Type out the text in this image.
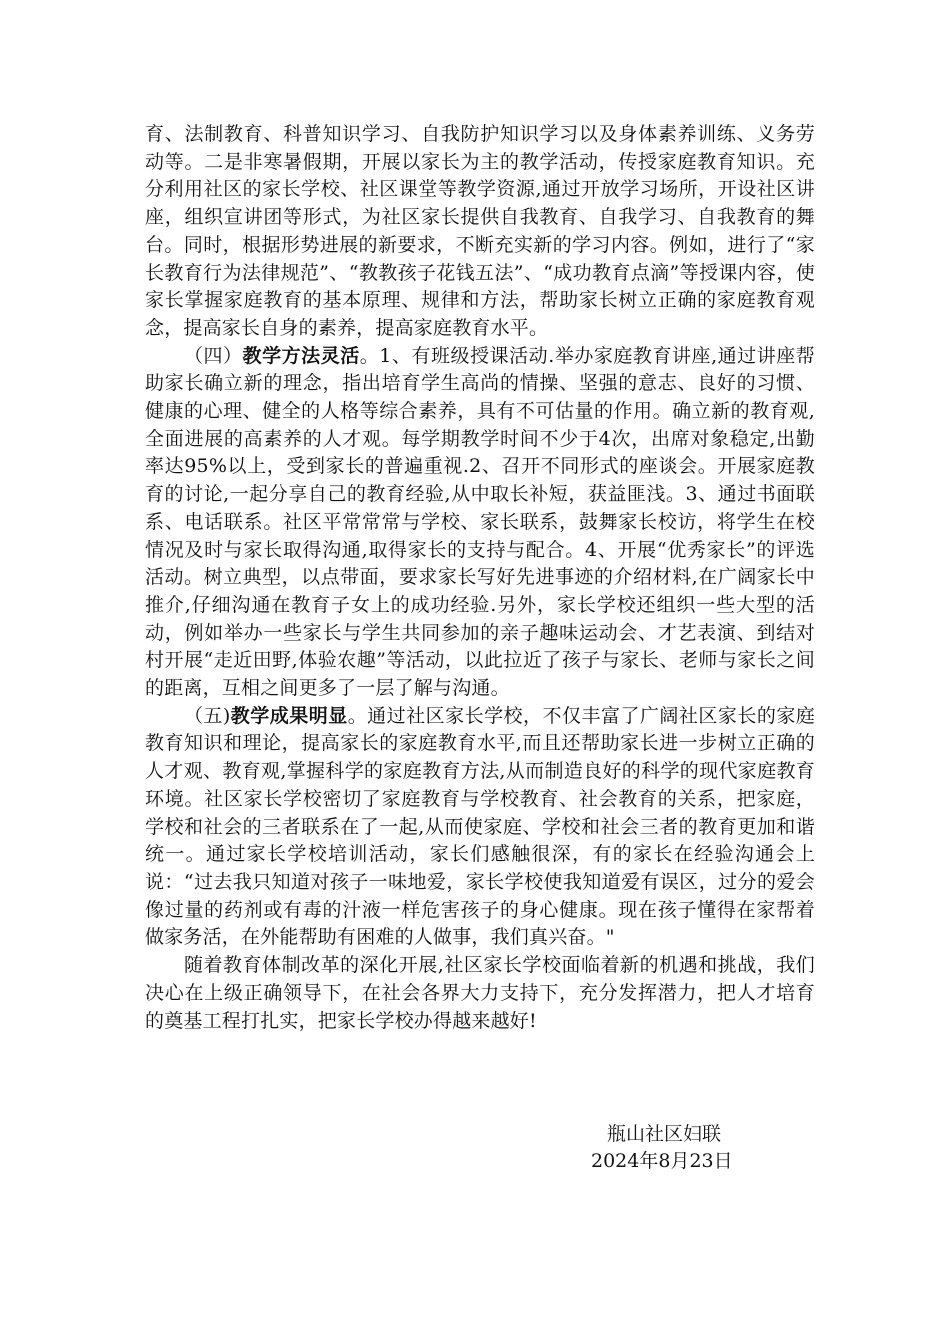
育、法制教育、科普知识学习、自我防护知识学习以及身体素养训练、义务劳动等。二是非寒暑假期，开展以家长为主的教学活动，传授家庭教育知识。充分利用社区的家长学校、社区课堂等教学资源,通过开放学习场所，开设社区讲座，组织宣讲团等形式，为社区家长提供自我教育、自我学习、自我教育的舞台。同时，根据形势进展的新要求，不断充实新的学习内容。例如，进行了“家长教育行为法律规范”、“教教孩子花钱五法”、“成功教育点滴”等授课内容，使家长掌握家庭教育的基本原理、规律和方法，帮助家长树立正确的家庭教育观念，提高家长自身的素养，提高家庭教育水平。

（四）教学方法灵活。1、有班级授课活动.举办家庭教育讲座,通过讲座帮助家长确立新的理念，指出培育学生高尚的情操、坚强的意志、良好的习惯、健康的心理、健全的人格等综合素养，具有不可估量的作用。确立新的教育观,全面进展的高素养的人才观。每学期教学时间不少于4次，出席对象稳定,出勤率达95%以上，受到家长的普遍重视.2、召开不同形式的座谈会。开展家庭教育的讨论,一起分享自己的教育经验,从中取长补短，获益匪浅。3、通过书面联系、电话联系。社区平常常常与学校、家长联系，鼓舞家长校访，将学生在校情况及时与家长取得沟通,取得家长的支持与配合。4、开展“优秀家长”的评选活动。树立典型，以点带面，要求家长写好先进事迹的介绍材料,在广阔家长中推介,仔细沟通在教育子女上的成功经验.另外，家长学校还组织一些大型的活动，例如举办一些家长与学生共同参加的亲子趣味运动会、才艺表演、到结对村开展“走近田野,体验农趣”等活动，以此拉近了孩子与家长、老师与家长之间的距离，互相之间更多了一层了解与沟通。

（五)教学成果明显。通过社区家长学校，不仅丰富了广阔社区家长的家庭教育知识和理论，提高家长的家庭教育水平,而且还帮助家长进一步树立正确的人才观、教育观,掌握科学的家庭教育方法,从而制造良好的科学的现代家庭教育环境。社区家长学校密切了家庭教育与学校教育、社会教育的关系，把家庭，学校和社会的三者联系在了一起,从而使家庭、学校和社会三者的教育更加和谐统一。通过家长学校培训活动，家长们感触很深，有的家长在经验沟通会上说：“过去我只知道对孩子一味地爱，家长学校使我知道爱有误区，过分的爱会像过量的药剂或有毒的汁液一样危害孩子的身心健康。现在孩子懂得在家帮着做家务活，在外能帮助有困难的人做事，我们真兴奋。"

随着教育体制改革的深化开展,社区家长学校面临着新的机遇和挑战，我们决心在上级正确领导下，在社会各界大力支持下，充分发挥潜力，把人才培育的奠基工程打扎实，把家长学校办得越来越好!

瓶山社区妇联
2024年8月23日
